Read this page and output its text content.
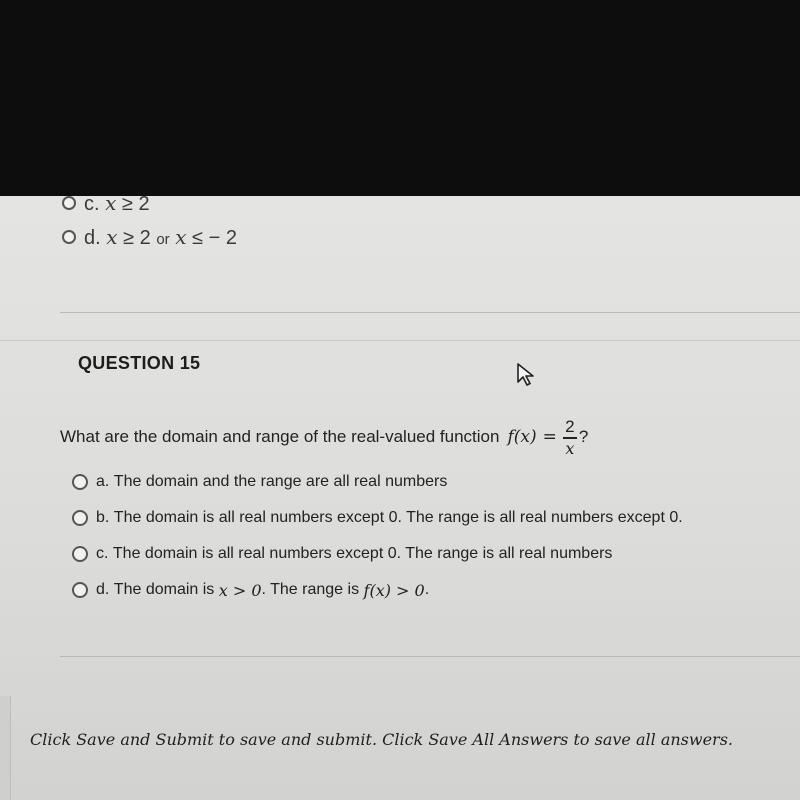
c. x ≥ 2
d. x ≥ 2 or x ≤ − 2
QUESTION 15
What are the domain and range of the real-valued function $f(x) = \frac{2}{x}$ ?
a.
The domain and the range are all real numbers
b.
The domain is all real numbers except 0. The range is all real numbers except 0.
c.
The domain is all real numbers except 0. The range is all real numbers
d.
The domain is
x > 0 . The range is
f(x) > 0 .
Click Save and Submit to save and submit. Click Save All Answers to save all answers.
